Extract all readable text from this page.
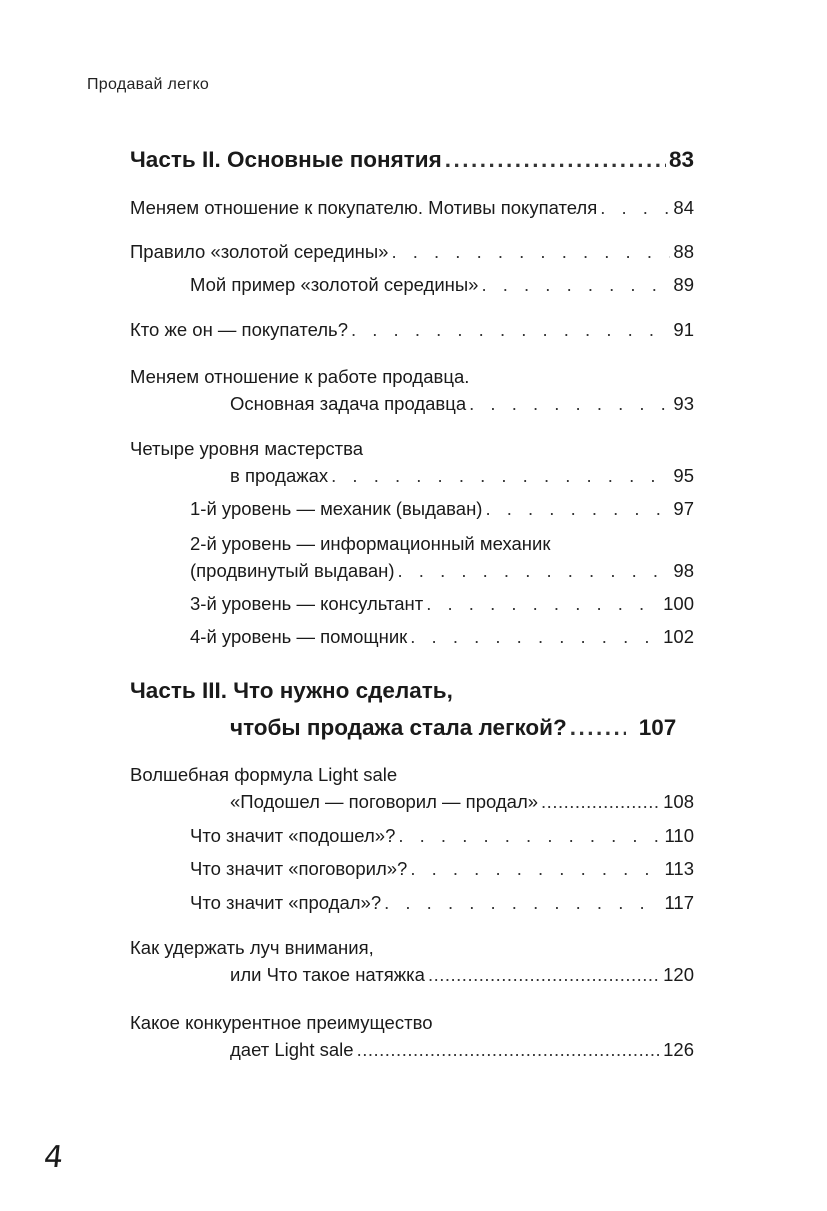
Продавай легко
Часть II. Основные понятия .....	83
Меняем отношение к покупателю. Мотивы покупателя . . .	84
Правило «золотой середины» . . .	88
Мой пример «золотой середины» . . .	89
Кто же он — покупатель? . . .	91
Меняем отношение к работе продавца.
Основная задача продавца . . .	93
Четыре уровня мастерства
в продажах . . .	95
1-й уровень — механик (выдаван) . . .	97
2-й уровень — информационный механик
(продвинутый выдаван) . . .	98
3-й уровень — консультант . . .	100
4-й уровень — помощник . . .	102
Часть III. Что нужно сделать,
чтобы продажа стала легкой? .....	107
Волшебная формула Light sale
«Подошел — поговорил — продал» .....	108
Что значит «подошел»? . . .	110
Что значит «поговорил»? . . .	113
Что значит «продал»? . . .	117
Как удержать луч внимания,
или Что такое натяжка .....	120
Какое конкурентное преимущество
дает Light sale .....	126
4
